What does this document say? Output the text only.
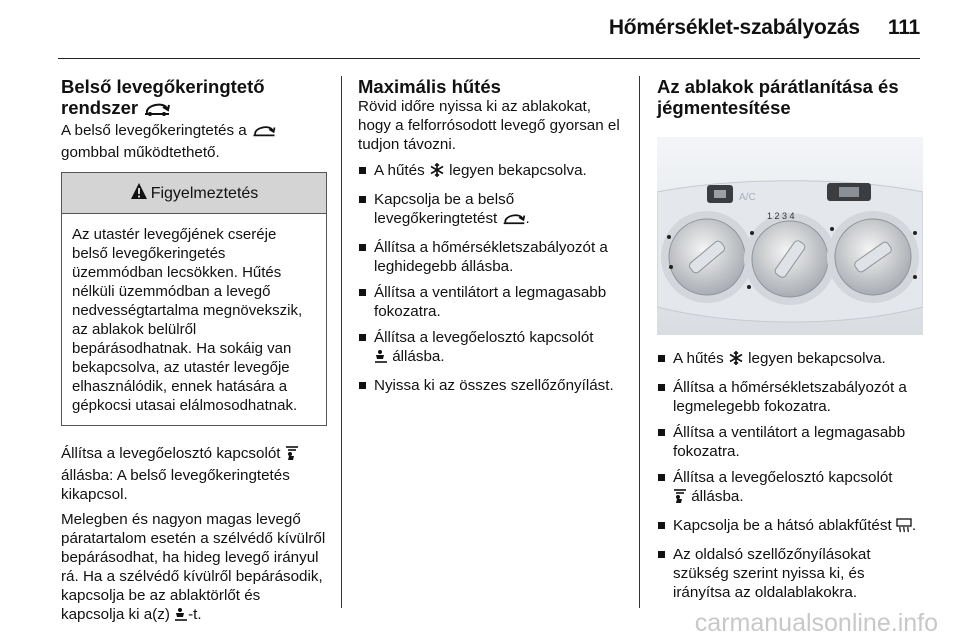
Hőmérséklet-szabályozás 111
Belső levegőkeringtető
rendszer

A belső levegőkeringtetés a
gombbal működtethető.

Figyelmeztetés
Az utastér levegőjének cseréje belső levegőkeringetés üzemmódban lecsökken. Hűtés nélküli üzemmódban a levegő nedvességtartalma megnövekszik, az ablakok belülről bepárásodhatnak. Ha sokáig van bekapcsolva, az utastér levegője elhasználódik, ennek hatására a gépkocsi utasai elálmosodhatnak.

Állítsa a levegőelosztó kapcsolót
állásba: A belső levegőkeringtetés kikapcsol.

Melegben és nagyon magas levegő páratartalom esetén a szélvédő kívülről bepárásodhat, ha hideg levegő irányul rá. Ha a szélvédő kívülről bepárásodik, kapcsolja be az ablaktörlőt és kapcsolja ki a(z) -t.

Maximális hűtés

Rövid időre nyissa ki az ablakokat, hogy a felforrósodott levegő gyorsan el tudjon távozni.

A hűtés legyen bekapcsolva.
Kapcsolja be a belső levegőkeringtetést .
Állítsa a hőmérsékletszabályozót a leghidegebb állásba.
Állítsa a ventilátort a legmagasabb fokozatra.
Állítsa a levegőelosztó kapcsolót
állásba.
Nyissa ki az összes szellőzőnyílást.
Az ablakok párátlanítása és
jégmentesítése
A/C
1 2 3 4
A hűtés legyen bekapcsolva.
Állítsa a hőmérsékletszabályozót a legmelegebb fokozatra.
Állítsa a ventilátort a legmagasabb fokozatra.
Állítsa a levegőelosztó kapcsolót
állásba.
Kapcsolja be a hátsó ablakfűtést .
Az oldalsó szellőzőnyílásokat szükség szerint nyissa ki, és irányítsa az oldalablakokra.
carmanualsonline.info
